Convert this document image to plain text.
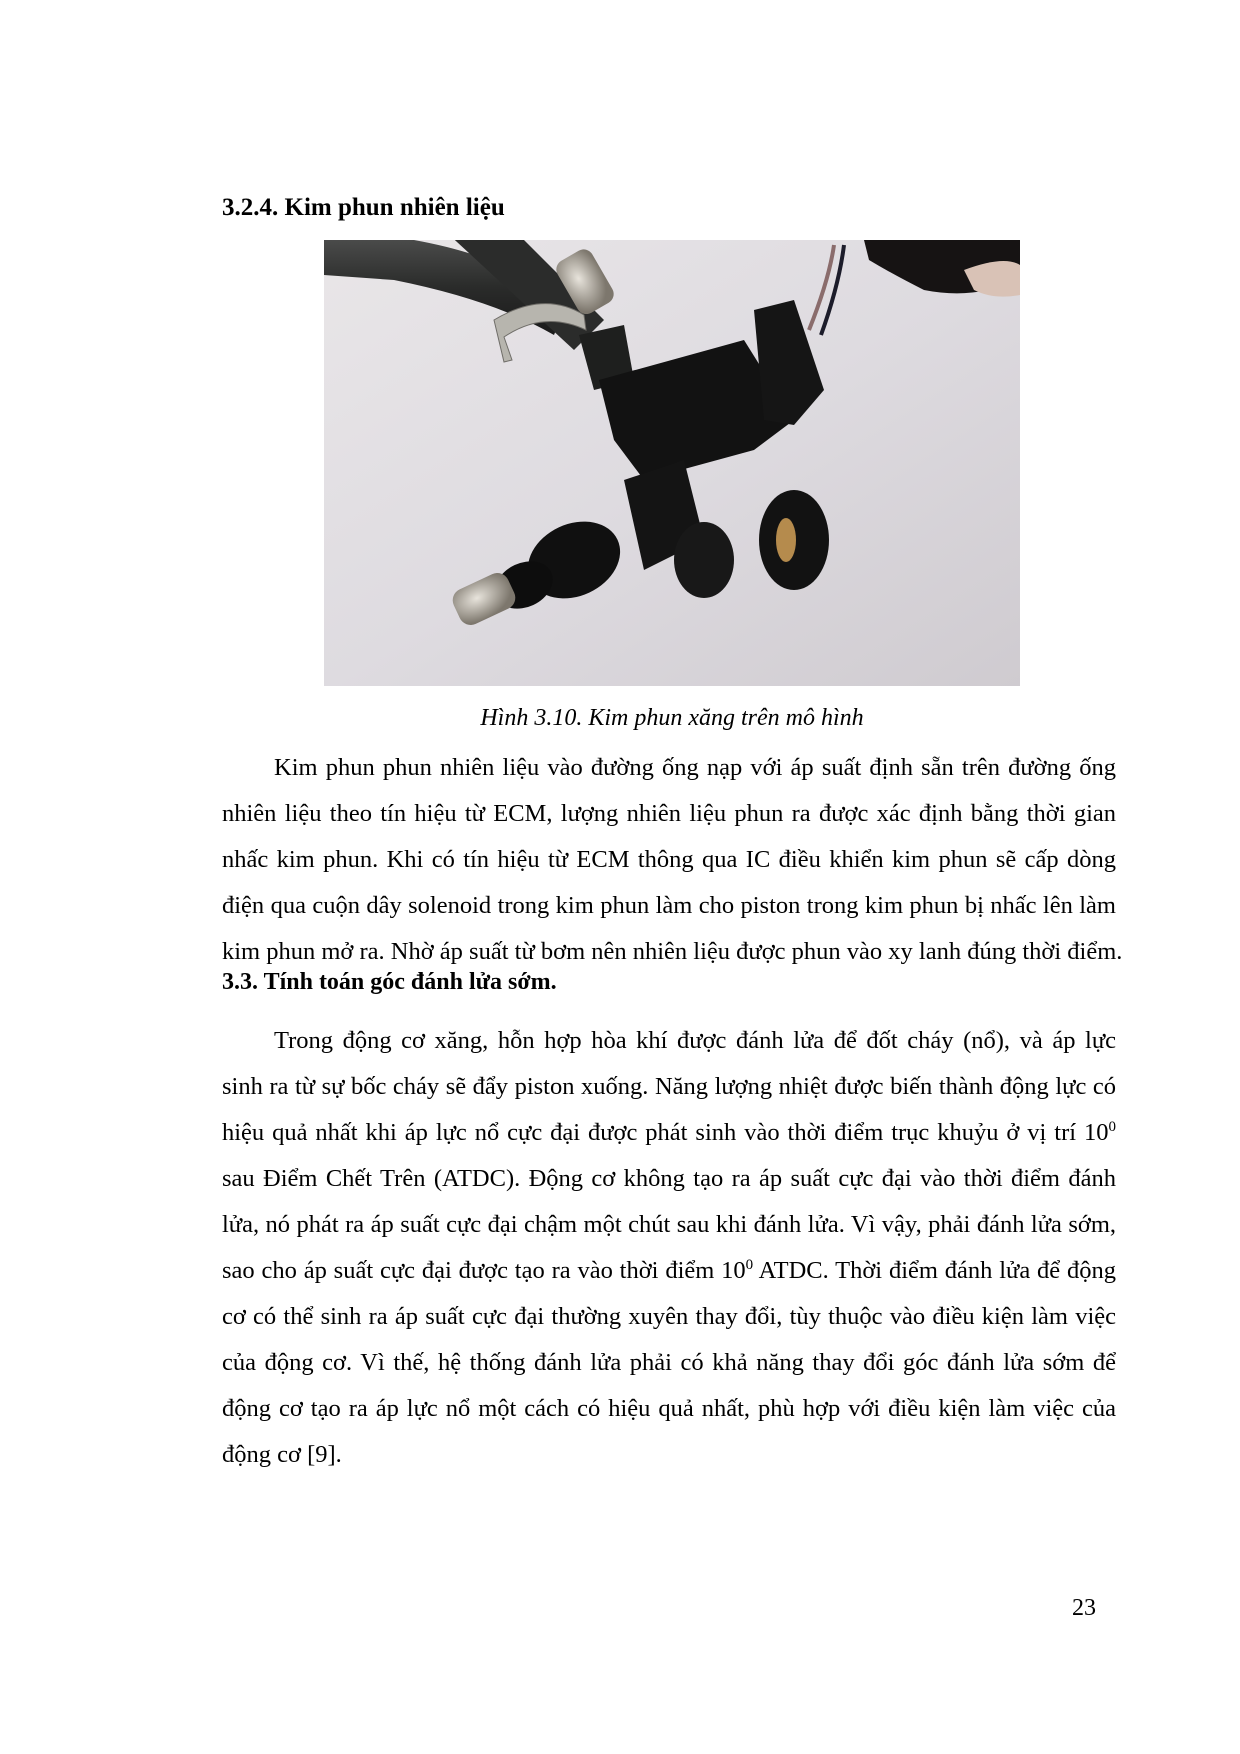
3.2.4. Kim phun nhiên liệu
Hình 3.10. Kim phun xăng trên mô hình
Kim phun phun nhiên liệu vào đường ống nạp với áp suất định sẵn trên đường ống
nhiên liệu theo tín hiệu từ ECM, lượng nhiên liệu phun ra được xác định bằng thời gian
nhấc kim phun. Khi có tín hiệu từ ECM thông qua IC điều khiển kim phun sẽ cấp dòng
điện qua cuộn dây solenoid trong kim phun làm cho piston trong kim phun bị nhấc lên làm
kim phun mở ra. Nhờ áp suất từ bơm nên nhiên liệu được phun vào xy lanh đúng thời điểm.
3.3. Tính toán góc đánh lửa sớm.
Trong động cơ xăng, hỗn hợp hòa khí được đánh lửa để đốt cháy (nổ), và áp lực
sinh ra từ sự bốc cháy sẽ đẩy piston xuống. Năng lượng nhiệt được biến thành động lực có
hiệu quả nhất khi áp lực nổ cực đại được phát sinh vào thời điểm trục khuỷu ở vị trí $10^0$
sau Điểm Chết Trên (ATDC). Động cơ không tạo ra áp suất cực đại vào thời điểm đánh
lửa, nó phát ra áp suất cực đại chậm một chút sau khi đánh lửa. Vì vậy, phải đánh lửa sớm,
sao cho áp suất cực đại được tạo ra vào thời điểm $10^0$ ATDC. Thời điểm đánh lửa để động
cơ có thể sinh ra áp suất cực đại thường xuyên thay đổi, tùy thuộc vào điều kiện làm việc
của động cơ. Vì thế, hệ thống đánh lửa phải có khả năng thay đổi góc đánh lửa sớm để
động cơ tạo ra áp lực nổ một cách có hiệu quả nhất, phù hợp với điều kiện làm việc của
động cơ [9].
23
